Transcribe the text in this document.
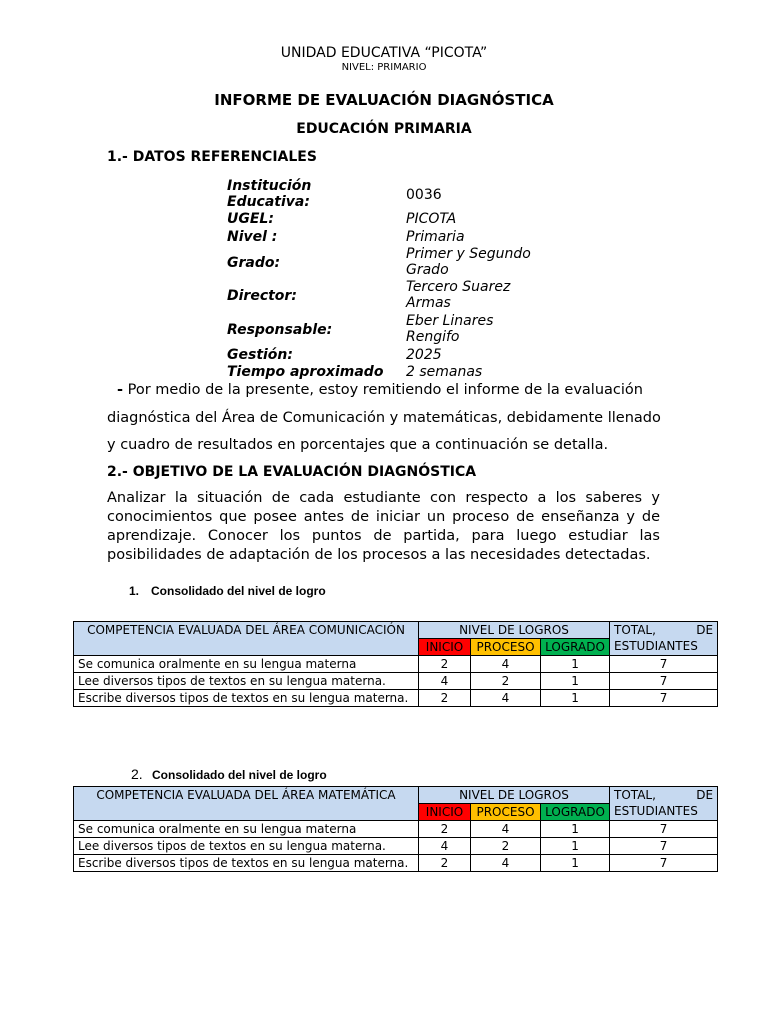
UNIDAD EDUCATIVA “PICOTA”
NIVEL: PRIMARIO
INFORME DE EVALUACIÓN DIAGNÓSTICA
EDUCACIÓN PRIMARIA
1.- DATOS REFERENCIALES
Institución Educativa:	0036
UGEL:	PICOTA
Nivel :	Primaria
Grado:
Primer y Segundo Grado
Director:
Tercero Suarez Armas
Responsable:
Eber Linares Rengifo
Gestión:	2025
Tiempo aproximado 2 semanas
- Por medio de la presente, estoy remitiendo el informe de la evaluación diagnóstica del Área de Comunicación y matemáticas, debidamente llenado y cuadro de resultados en porcentajes que a continuación se detalla.
2.- OBJETIVO DE LA EVALUACIÓN DIAGNÓSTICA
Analizar la situación de cada estudiante con respecto a los saberes y conocimientos que posee antes de iniciar un proceso de enseñanza y de aprendizaje. Conocer los puntos de partida, para luego estudiar las posibilidades de adaptación de los procesos a las necesidades detectadas.
1. Consolidado del nivel de logro
COMPETENCIA EVALUADA DEL ÁREA COMUNICACIÓN	NIVEL DE LOGROS			TOTAL, DE ESTUDIANTES
	INICIO	PROCESO	LOGRADO	
Se comunica oralmente en su lengua materna	2	4	1	7
Lee diversos tipos de textos en su lengua materna.	4	2	1	7
Escribe diversos tipos de textos en su lengua materna.	2	4	1	7
2. Consolidado del nivel de logro
COMPETENCIA EVALUADA DEL ÁREA MATEMÁTICA	NIVEL DE LOGROS			TOTAL, DE ESTUDIANTES
	INICIO	PROCESO	LOGRADO	
Se comunica oralmente en su lengua materna	2	4	1	7
Lee diversos tipos de textos en su lengua materna.	4	2	1	7
Escribe diversos tipos de textos en su lengua materna.	2	4	1	7
